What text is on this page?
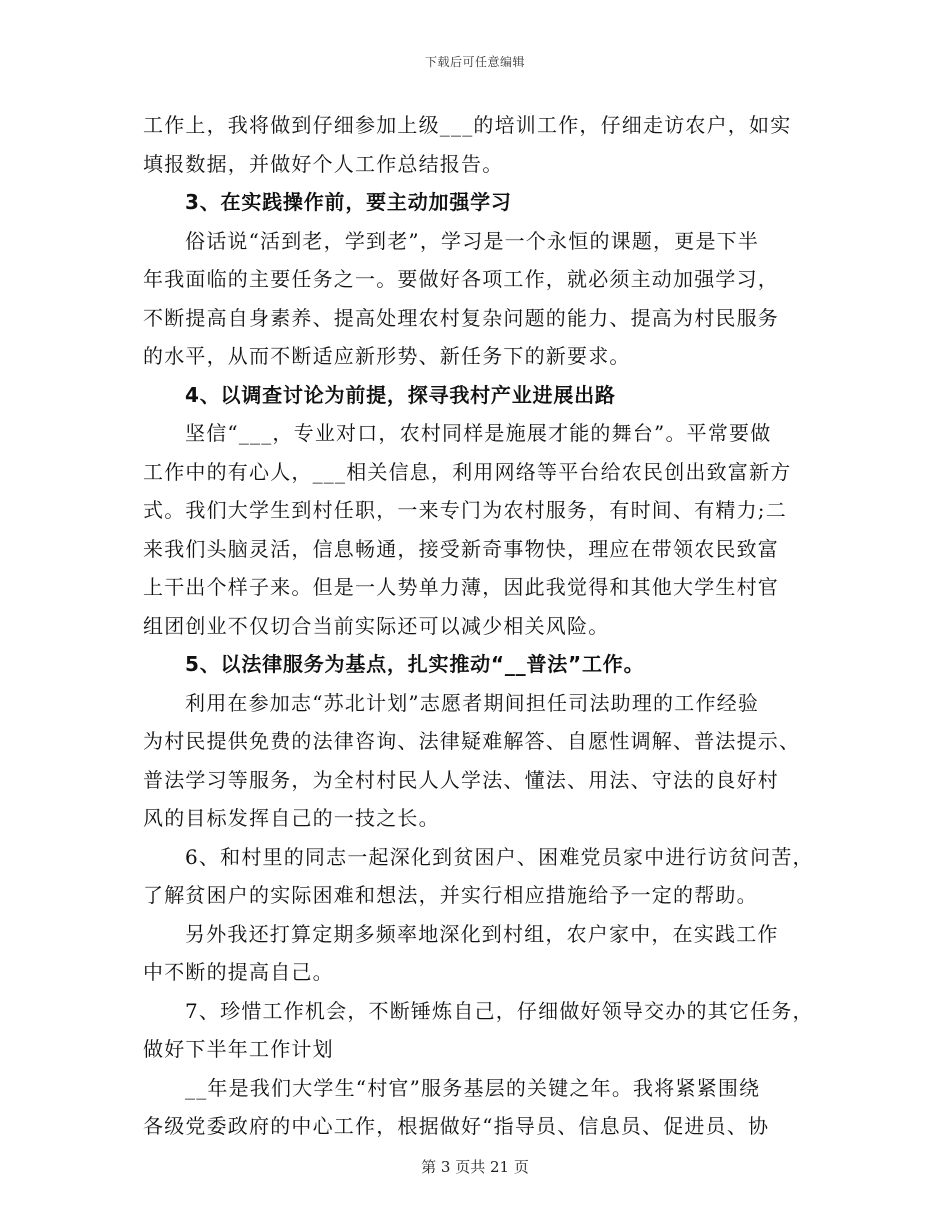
下载后可任意编辑
工作上，我将做到仔细参加上级___的培训工作，仔细走访农户，如实
填报数据，并做好个人工作总结报告。
3、在实践操作前，要主动加强学习
俗话说“活到老，学到老”，学习是一个永恒的课题，更是下半
年我面临的主要任务之一。要做好各项工作，就必须主动加强学习，
不断提高自身素养、提高处理农村复杂问题的能力、提高为村民服务
的水平，从而不断适应新形势、新任务下的新要求。
4、以调查讨论为前提，探寻我村产业进展出路
坚信“___，专业对口，农村同样是施展才能的舞台”。平常要做
工作中的有心人，___相关信息，利用网络等平台给农民创出致富新方
式。我们大学生到村任职，一来专门为农村服务，有时间、有精力;二
来我们头脑灵活，信息畅通，接受新奇事物快，理应在带领农民致富
上干出个样子来。但是一人势单力薄，因此我觉得和其他大学生村官
组团创业不仅切合当前实际还可以减少相关风险。
5、以法律服务为基点，扎实推动“__普法”工作。
利用在参加志“苏北计划”志愿者期间担任司法助理的工作经验
为村民提供免费的法律咨询、法律疑难解答、自愿性调解、普法提示、
普法学习等服务，为全村村民人人学法、懂法、用法、守法的良好村
风的目标发挥自己的一技之长。
6、和村里的同志一起深化到贫困户、困难党员家中进行访贫问苦，
了解贫困户的实际困难和想法，并实行相应措施给予一定的帮助。
另外我还打算定期多频率地深化到村组，农户家中，在实践工作
中不断的提高自己。
7、珍惜工作机会，不断锤炼自己，仔细做好领导交办的其它任务，
做好下半年工作计划
__年是我们大学生“村官”服务基层的关键之年。我将紧紧围绕
各级党委政府的中心工作，根据做好“指导员、信息员、促进员、协
第 3 页共 21 页
